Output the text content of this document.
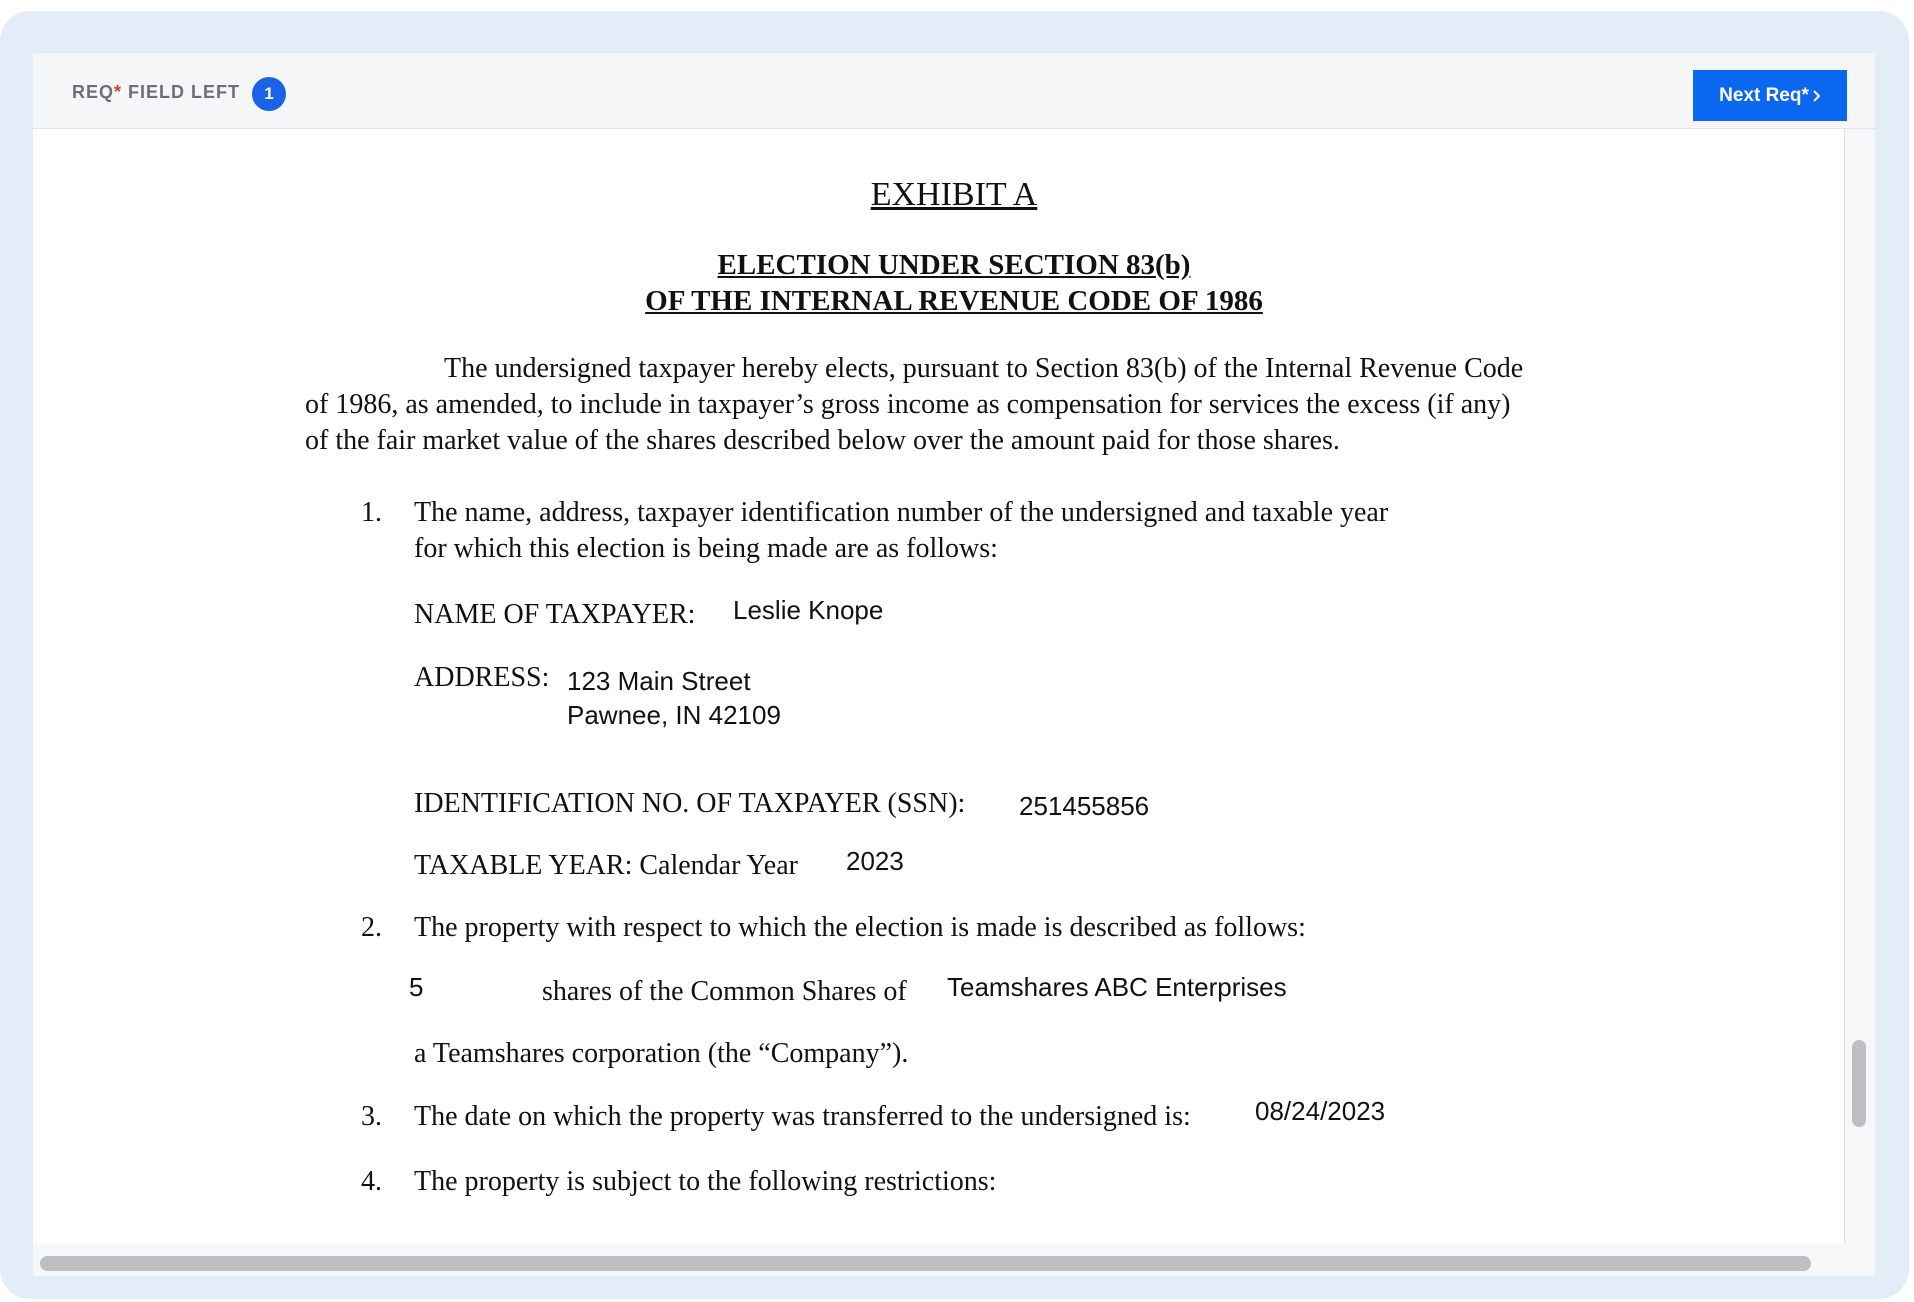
REQ* FIELD LEFT	1	Next Req*
EXHIBIT A
ELECTION UNDER SECTION 83(b)
OF THE INTERNAL REVENUE CODE OF 1986
The undersigned taxpayer hereby elects, pursuant to Section 83(b) of the Internal Revenue Code
of 1986, as amended, to include in taxpayer’s gross income as compensation for services the excess (if any)
of the fair market value of the shares described below over the amount paid for those shares.
1. The name, address, taxpayer identification number of the undersigned and taxable year
for which this election is being made are as follows:
NAME OF TAXPAYER: Leslie Knope
ADDRESS: 123 Main Street
Pawnee, IN 42109
IDENTIFICATION NO. OF TAXPAYER (SSN): 251455856
TAXABLE YEAR: Calendar Year 2023
2. The property with respect to which the election is made is described as follows:
5	shares of the Common Shares of Teamshares ABC Enterprises
a Teamshares corporation (the “Company”).
3. The date on which the property was transferred to the undersigned is: 08/24/2023
4. The property is subject to the following restrictions:
